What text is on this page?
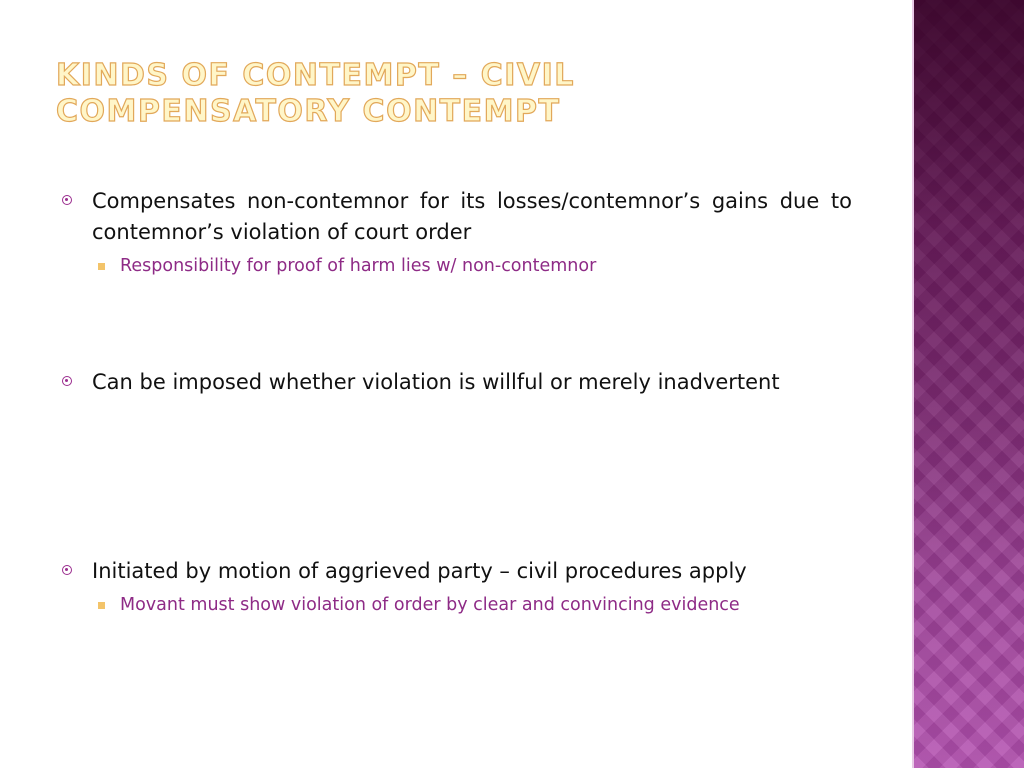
KINDS OF CONTEMPT – CIVIL COMPENSATORY CONTEMPT

Compensates non-contemnor for its losses/contemnor’s gains due to contemnor’s violation of court order

Responsibility for proof of harm lies w/ non-contemnor

Can be imposed whether violation is willful or merely inadvertent

Initiated by motion of aggrieved party – civil procedures apply

Movant must show violation of order by clear and convincing evidence
